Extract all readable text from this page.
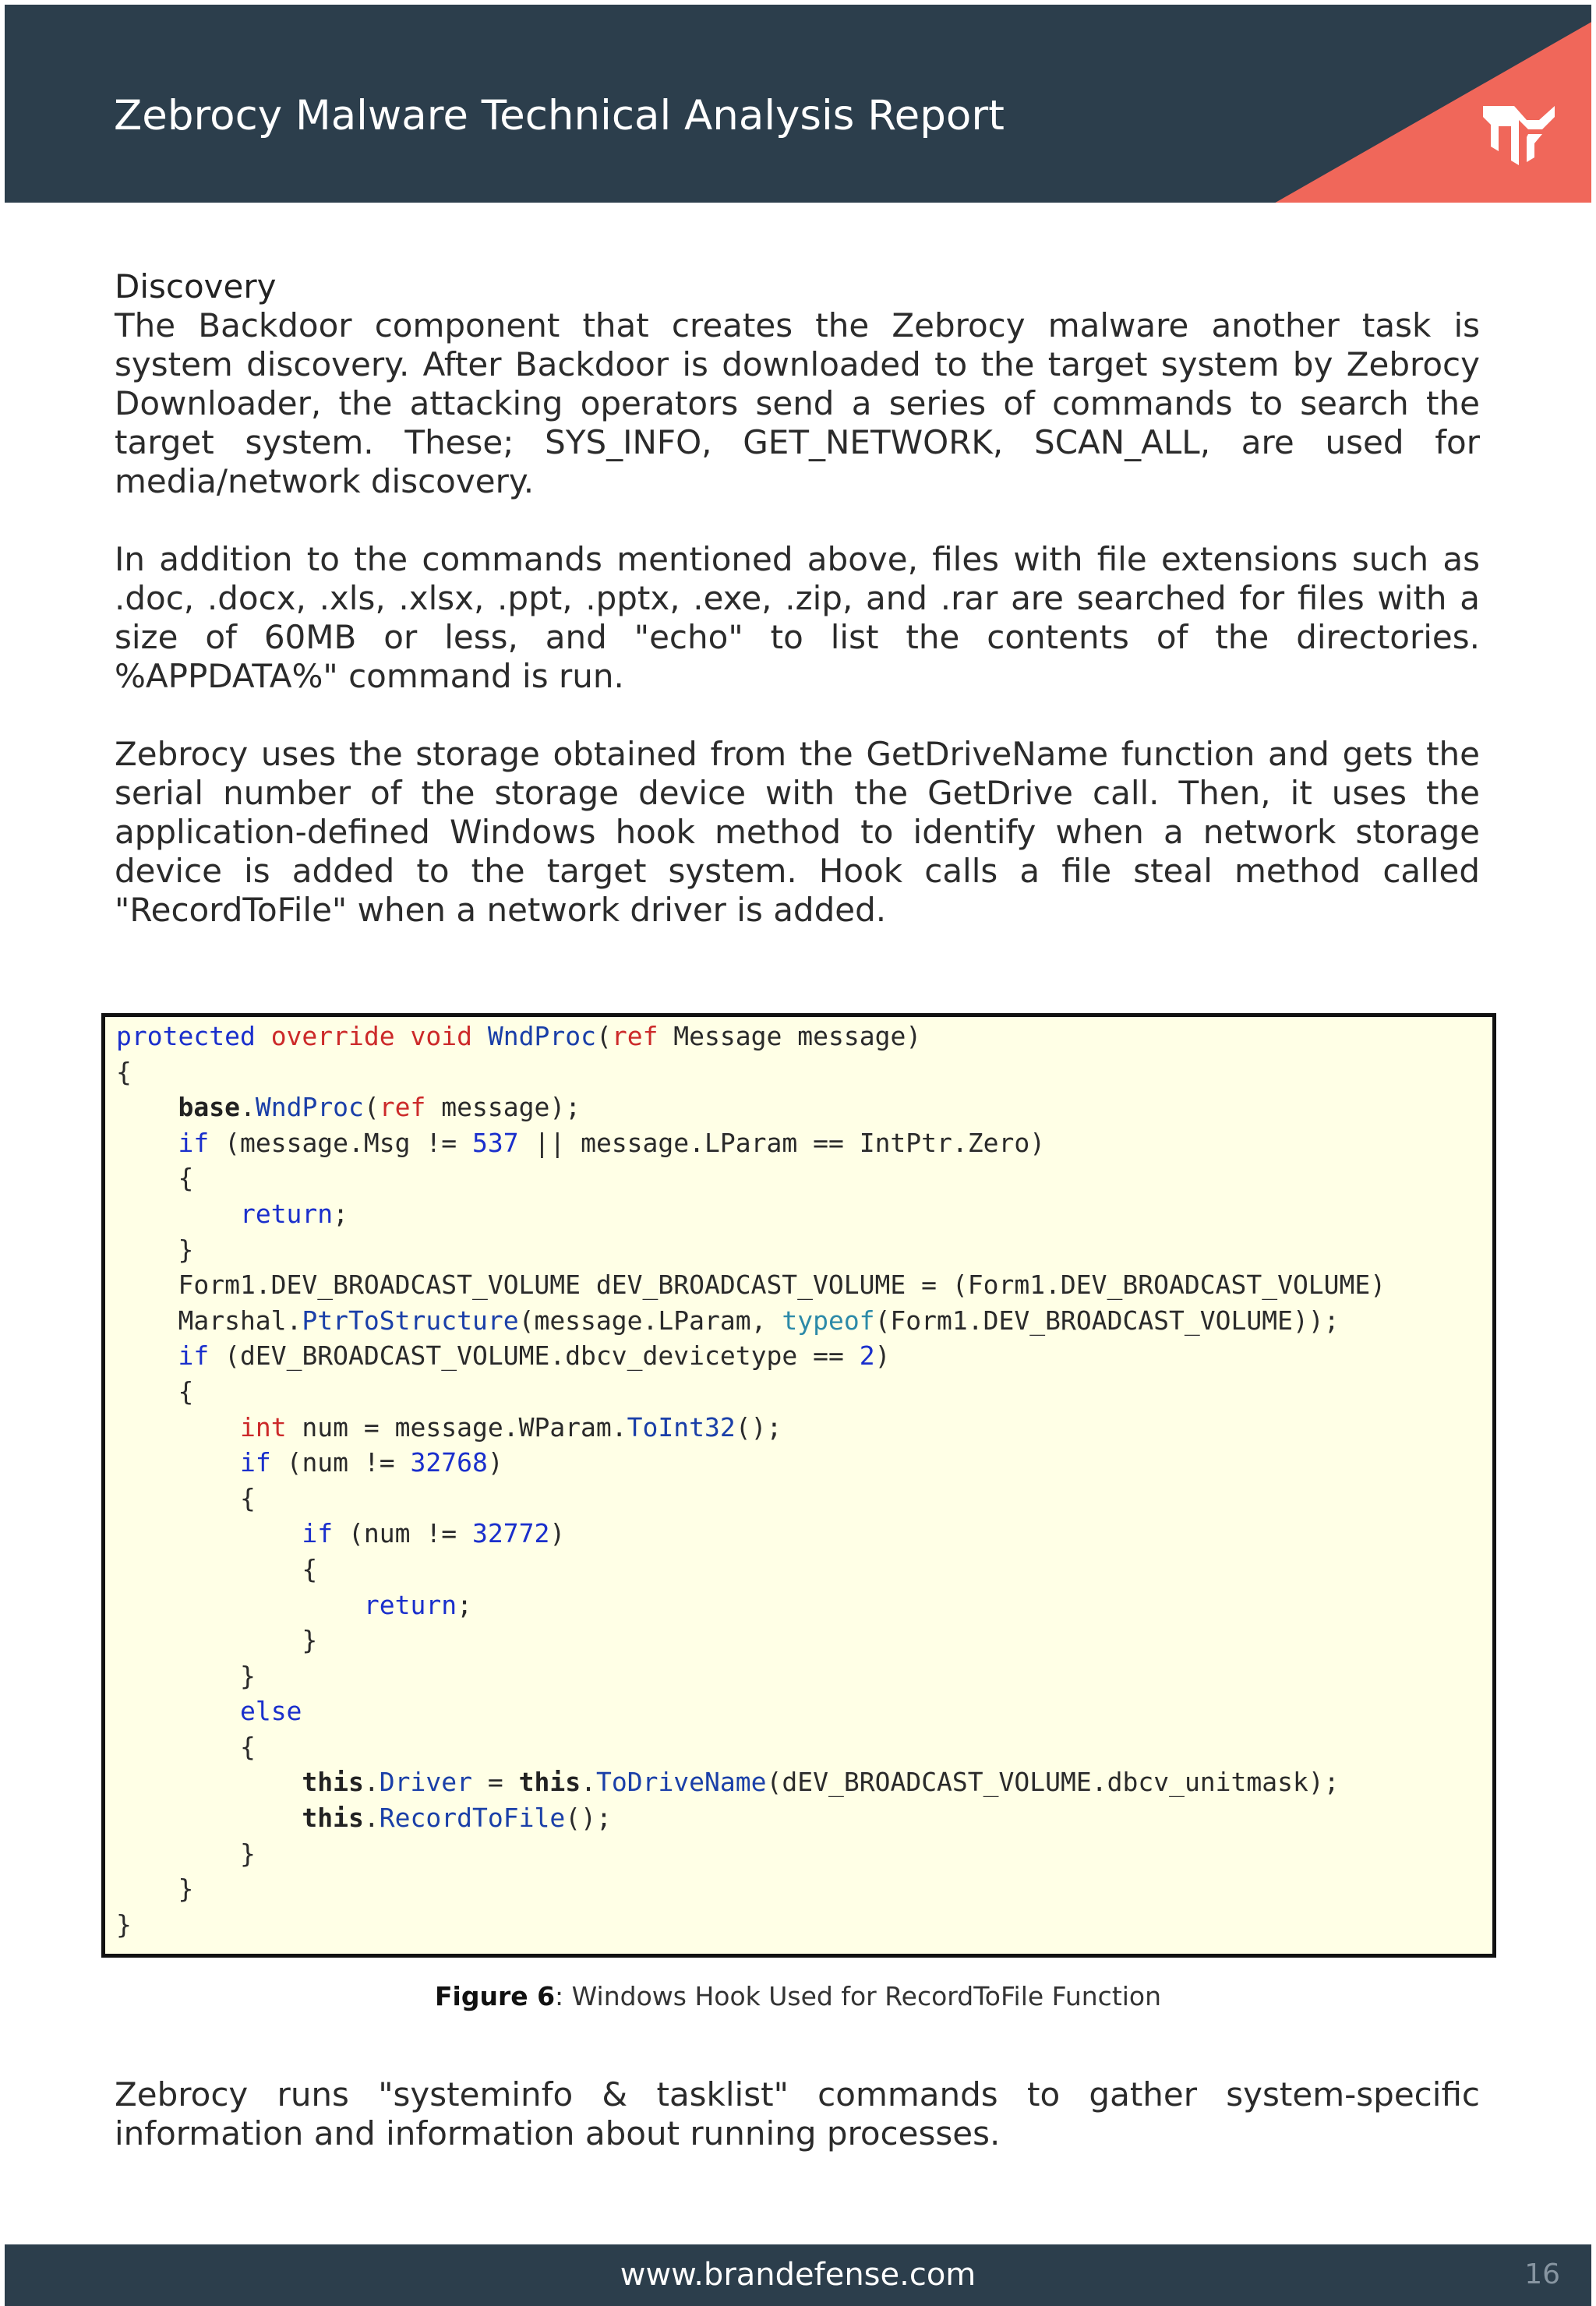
Zebrocy Malware Technical Analysis Report

Discovery

The Backdoor component that creates the Zebrocy malware another task is system discovery. After Backdoor is downloaded to the target system by Zebrocy Downloader, the attacking operators send a series of commands to search the target system. These; SYS_INFO, GET_NETWORK, SCAN_ALL, are used for media/network discovery.

In addition to the commands mentioned above, files with file extensions such as .doc, .docx, .xls, .xlsx, .ppt, .pptx, .exe, .zip, and .rar are searched for files with a size of 60MB or less, and "echo" to list the contents of the directories. %APPDATA%" command is run.

Zebrocy uses the storage obtained from the GetDriveName function and gets the serial number of the storage device with the GetDrive call. Then, it uses the application-defined Windows hook method to identify when a network storage device is added to the target system. Hook calls a file steal method called "RecordToFile" when a network driver is added.

protected override void WndProc(ref Message message)
{
base.WndProc(ref message);
if (message.Msg != 537 || message.LParam == IntPtr.Zero)
{
return;
}
Form1.DEV_BROADCAST_VOLUME dEV_BROADCAST_VOLUME = (Form1.DEV_BROADCAST_VOLUME)
Marshal.PtrToStructure(message.LParam, typeof(Form1.DEV_BROADCAST_VOLUME));
if (dEV_BROADCAST_VOLUME.dbcv_devicetype == 2)
{
int num = message.WParam.ToInt32();
if (num != 32768)
{
if (num != 32772)
{
return;
}
}
else
{
this.Driver = this.ToDriveName(dEV_BROADCAST_VOLUME.dbcv_unitmask);
this.RecordToFile();
}
}
}
Figure 6: Windows Hook Used for RecordToFile Function

Zebrocy runs "systeminfo & tasklist" commands to gather system-specific information and information about running processes.

www.brandefense.com	16
